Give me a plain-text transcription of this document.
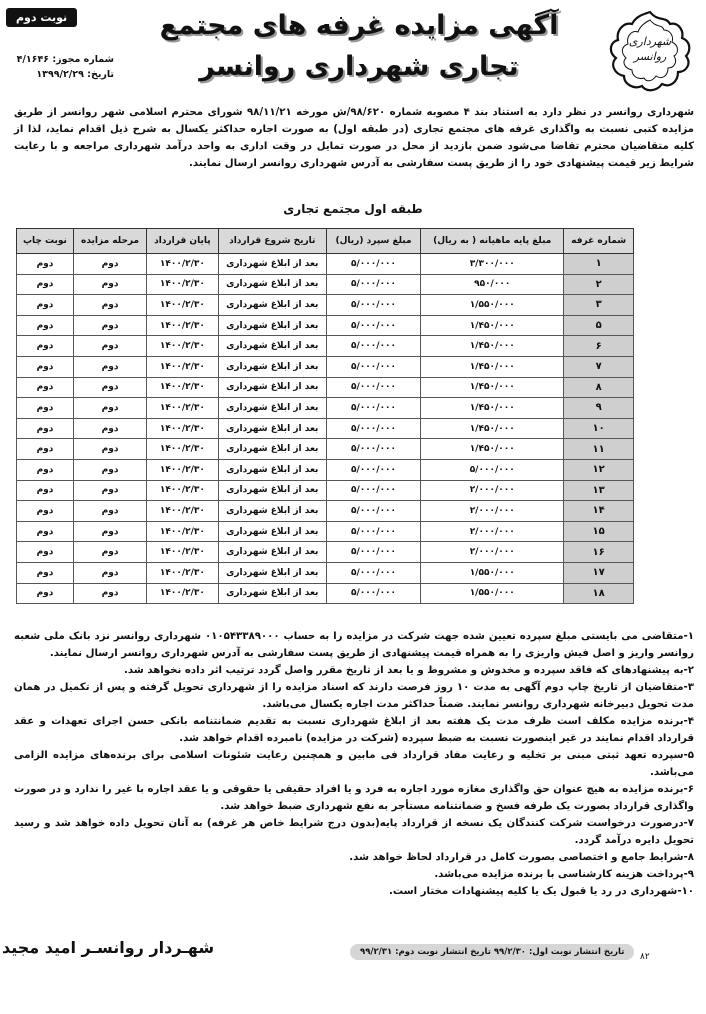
شهرداری
روانسر
آگهی مزایده غرفه های مجتمع
تجاری شهرداری روانسر
نوبت دوم
شماره مجوز: ۴/۱۶۴۶
تاریخ: ۱۳۹۹/۲/۲۹
شهرداری روانسر در نظر دارد به استناد بند ۴ مصوبه شماره ۹۸/۶۲۰/ش مورخه ۹۸/۱۱/۲۱ شورای محترم اسلامی شهر روانسر از طریق مزایده کتبی نسبت به واگذاری غرفه های مجتمع تجاری (در طبقه اول) به صورت اجاره حداکثر یکسال به شرح ذیل اقدام نماید، لذا از کلیه متقاضیان محترم تقاضا می‌شود ضمن بازدید از محل در صورت تمایل در وقت اداری به واحد درآمد شهرداری مراجعه و با رعایت شرایط زیر قیمت پیشنهادی خود را از طریق پست سفارشی به آدرس شهرداری روانسر ارسال نمایند.
طبقه اول مجتمع تجاری
شماره غرفه	مبلغ پایه ماهیانه ( به ریال)	مبلغ سپرد (ریال)	تاریخ شروع قرارداد	پایان قرارداد	مرحله مزایده	نوبت چاپ
۱	۳/۳۰۰/۰۰۰	۵/۰۰۰/۰۰۰	بعد از ابلاغ شهرداری	۱۴۰۰/۲/۳۰	دوم	دوم
۲	۹۵۰/۰۰۰	۵/۰۰۰/۰۰۰	بعد از ابلاغ شهرداری	۱۴۰۰/۲/۳۰	دوم	دوم
۳	۱/۵۵۰/۰۰۰	۵/۰۰۰/۰۰۰	بعد از ابلاغ شهرداری	۱۴۰۰/۲/۳۰	دوم	دوم
۵	۱/۴۵۰/۰۰۰	۵/۰۰۰/۰۰۰	بعد از ابلاغ شهرداری	۱۴۰۰/۲/۳۰	دوم	دوم
۶	۱/۴۵۰/۰۰۰	۵/۰۰۰/۰۰۰	بعد از ابلاغ شهرداری	۱۴۰۰/۲/۳۰	دوم	دوم
۷	۱/۴۵۰/۰۰۰	۵/۰۰۰/۰۰۰	بعد از ابلاغ شهرداری	۱۴۰۰/۲/۳۰	دوم	دوم
۸	۱/۴۵۰/۰۰۰	۵/۰۰۰/۰۰۰	بعد از ابلاغ شهرداری	۱۴۰۰/۲/۳۰	دوم	دوم
۹	۱/۴۵۰/۰۰۰	۵/۰۰۰/۰۰۰	بعد از ابلاغ شهرداری	۱۴۰۰/۲/۳۰	دوم	دوم
۱۰	۱/۴۵۰/۰۰۰	۵/۰۰۰/۰۰۰	بعد از ابلاغ شهرداری	۱۴۰۰/۲/۳۰	دوم	دوم
۱۱	۱/۴۵۰/۰۰۰	۵/۰۰۰/۰۰۰	بعد از ابلاغ شهرداری	۱۴۰۰/۲/۳۰	دوم	دوم
۱۲	۵/۰۰۰/۰۰۰	۵/۰۰۰/۰۰۰	بعد از ابلاغ شهرداری	۱۴۰۰/۲/۳۰	دوم	دوم
۱۳	۲/۰۰۰/۰۰۰	۵/۰۰۰/۰۰۰	بعد از ابلاغ شهرداری	۱۴۰۰/۲/۳۰	دوم	دوم
۱۴	۲/۰۰۰/۰۰۰	۵/۰۰۰/۰۰۰	بعد از ابلاغ شهرداری	۱۴۰۰/۲/۳۰	دوم	دوم
۱۵	۲/۰۰۰/۰۰۰	۵/۰۰۰/۰۰۰	بعد از ابلاغ شهرداری	۱۴۰۰/۲/۳۰	دوم	دوم
۱۶	۲/۰۰۰/۰۰۰	۵/۰۰۰/۰۰۰	بعد از ابلاغ شهرداری	۱۴۰۰/۲/۳۰	دوم	دوم
۱۷	۱/۵۵۰/۰۰۰	۵/۰۰۰/۰۰۰	بعد از ابلاغ شهرداری	۱۴۰۰/۲/۳۰	دوم	دوم
۱۸	۱/۵۵۰/۰۰۰	۵/۰۰۰/۰۰۰	بعد از ابلاغ شهرداری	۱۴۰۰/۲/۳۰	دوم	دوم

۱-متقاضی می بایستی مبلغ سپرده تعیین شده جهت شرکت در مزایده را به حساب ۰۱۰۵۴۳۳۸۹۰۰۰ شهرداری روانسر نزد بانک ملی شعبه روانسر واریز و اصل فیش واریزی را به همراه قیمت پیشنهادی از طریق پست سفارشی به آدرس شهرداری روانسر ارسال نمایند.

۲-به پیشنهادهای که فاقد سپرده و مخدوش و مشروط و یا بعد از تاریخ مقرر واصل گردد ترتیب اثر داده نخواهد شد.

۳-متقاضیان از تاریخ چاپ دوم آگهی به مدت ۱۰ روز فرصت دارند که اسناد مزایده را از شهرداری تحویل گرفته و پس از تکمیل در همان مدت تحویل دبیرخانه شهرداری روانسر نمایند. ضمناً حداکثر مدت اجاره یکسال می‌باشد.

۴-برنده مزایده مکلف است ظرف مدت یک هفته بعد از ابلاغ شهرداری نسبت به تقدیم ضمانتنامه بانکی حسن اجرای تعهدات و عقد قرارداد اقدام نمایند در غیر اینصورت نسبت به ضبط سپرده (شرکت در مزایده) نامبرده اقدام خواهد شد.

۵-سپرده تعهد ثبتی مبنی بر تخلیه و رعایت مفاد قرارداد فی مابین و همچنین رعایت شئونات اسلامی برای برنده‌های مزایده الزامی می‌باشد.

۶-برنده مزایده به هیچ عنوان حق واگذاری مغازه مورد اجاره به فرد و یا افراد حقیقی یا حقوقی و یا عقد اجاره با غیر را ندارد و در صورت واگذاری قرارداد بصورت یک طرفه فسخ و ضمانتنامه مستأجر به نفع شهرداری ضبط خواهد شد.

۷-درصورت درخواست شرکت کنندگان یک نسخه از قرارداد پایه(بدون درج شرایط خاص هر غرفه) به آنان تحویل داده خواهد شد و رسید تحویل دایره درآمد گردد.

۸-شرایط جامع و اختصاصی بصورت کامل در قرارداد لحاظ خواهد شد.

۹-پرداخت هزینه کارشناسی با برنده مزایده می‌باشد.

۱۰-شهرداری در رد یا قبول یک یا کلیه پیشنهادات مختار است.

شهـردار روانسـر امید مجید	تاریخ انتشار نوبت اول: ۹۹/۲/۳۰ تاریخ انتشار نوبت دوم: ۹۹/۲/۳۱	۸۲
